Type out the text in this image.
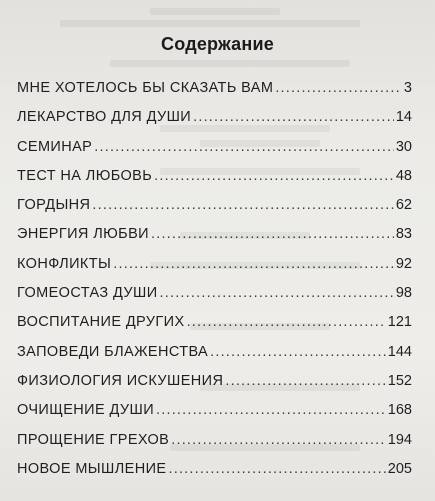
Содержание
МНЕ ХОТЕЛОСЬ БЫ СКАЗАТЬ ВАМ .....	3
ЛЕКАРСТВО ДЛЯ ДУШИ .....	14
СЕМИНАР .....	30
ТЕСТ НА ЛЮБОВЬ .....	48
ГОРДЫНЯ .....	62
ЭНЕРГИЯ ЛЮБВИ .....	83
КОНФЛИКТЫ .....	92
ГОМЕОСТАЗ ДУШИ .....	98
ВОСПИТАНИЕ ДРУГИХ .....	121
ЗАПОВЕДИ БЛАЖЕНСТВА .....	144
ФИЗИОЛОГИЯ ИСКУШЕНИЯ .....	152
ОЧИЩЕНИЕ ДУШИ .....	168
ПРОЩЕНИЕ ГРЕХОВ .....	194
НОВОЕ МЫШЛЕНИЕ .....	205
